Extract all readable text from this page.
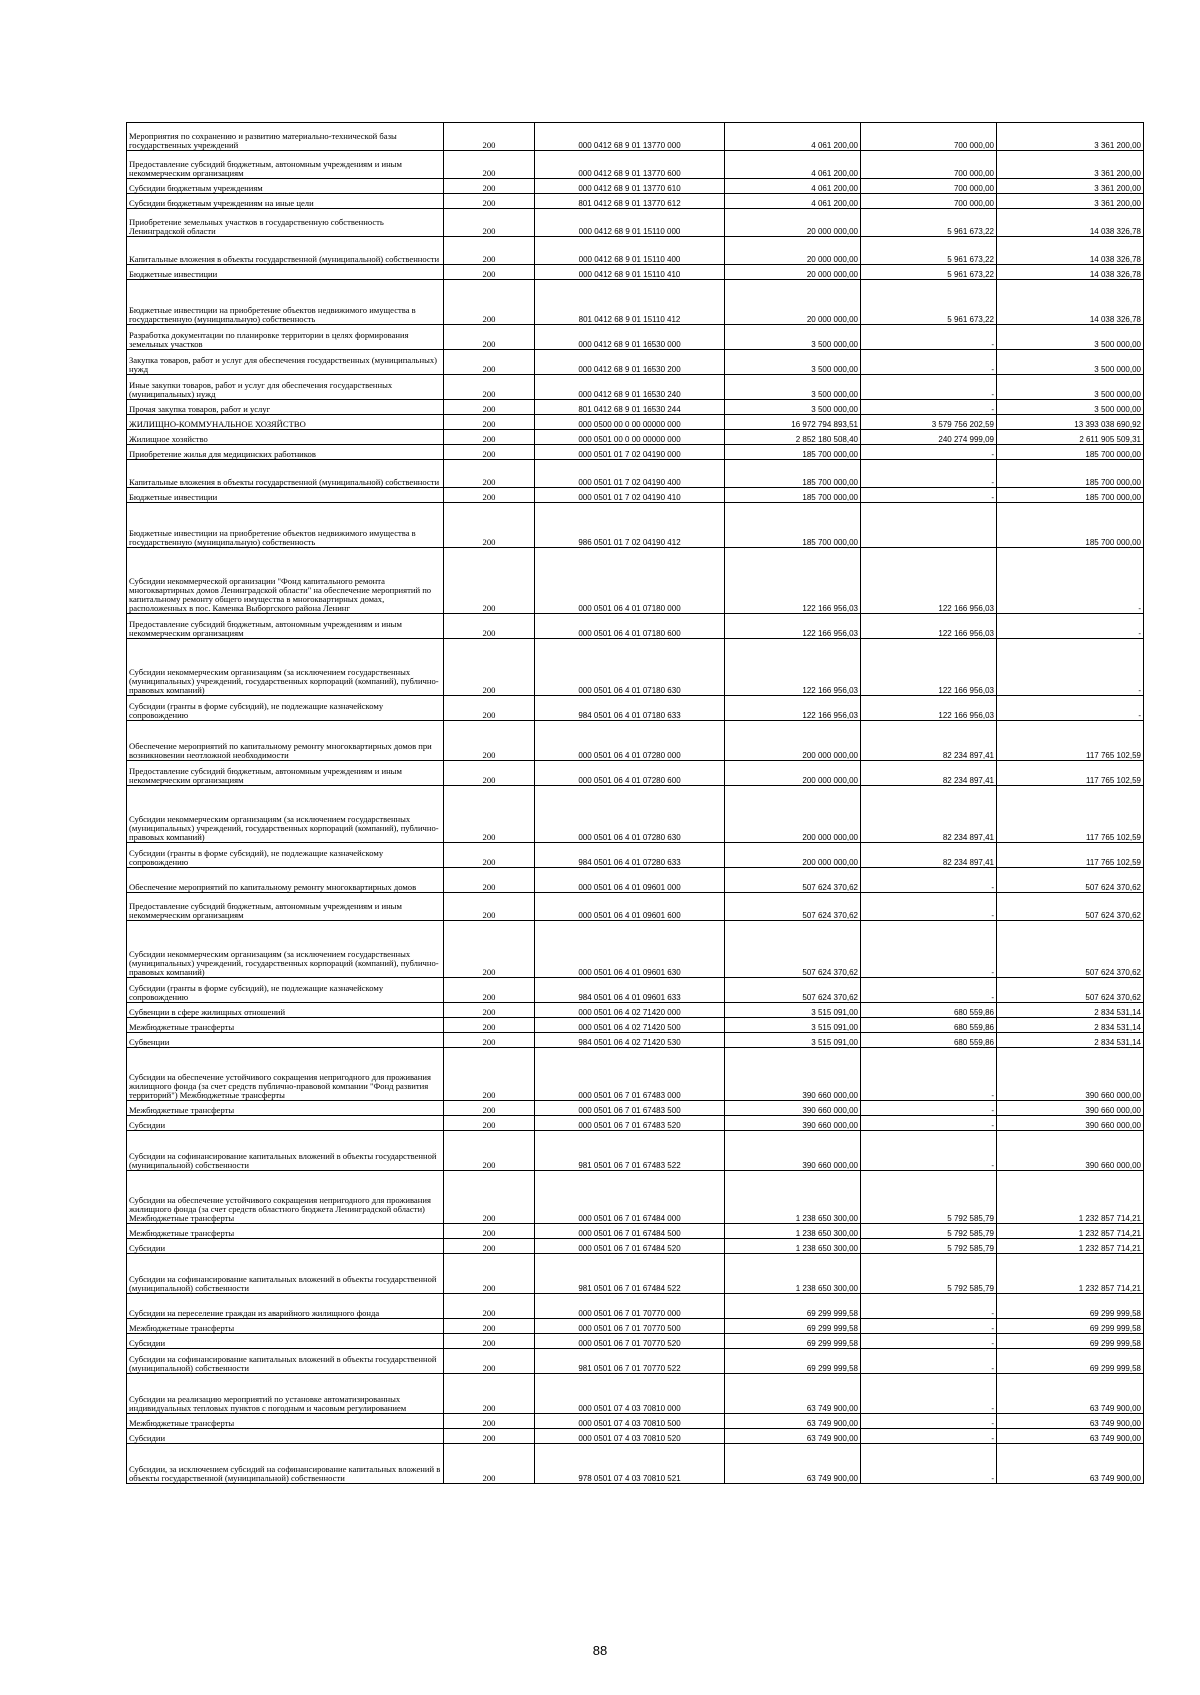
Мероприятия по сохранению и развитию материально-технической базы государственных учреждений	200	000 0412 68 9 01 13770 000	4 061 200,00	700 000,00	3 361 200,00
Предоставление субсидий бюджетным, автономным учреждениям и иным некоммерческим организациям	200	000 0412 68 9 01 13770 600	4 061 200,00	700 000,00	3 361 200,00
Субсидии бюджетным учреждениям	200	000 0412 68 9 01 13770 610	4 061 200,00	700 000,00	3 361 200,00
Субсидии бюджетным учреждениям на иные цели	200	801 0412 68 9 01 13770 612	4 061 200,00	700 000,00	3 361 200,00
Приобретение земельных участков в государственную собственность Ленинградской области	200	000 0412 68 9 01 15110 000	20 000 000,00	5 961 673,22	14 038 326,78
Капитальные вложения в объекты государственной (муниципальной) собственности	200	000 0412 68 9 01 15110 400	20 000 000,00	5 961 673,22	14 038 326,78
Бюджетные инвестиции	200	000 0412 68 9 01 15110 410	20 000 000,00	5 961 673,22	14 038 326,78
Бюджетные инвестиции на приобретение объектов недвижимого имущества в государственную (муниципальную) собственность	200	801 0412 68 9 01 15110 412	20 000 000,00	5 961 673,22	14 038 326,78
Разработка документации по планировке территории в целях формирования земельных участков	200	000 0412 68 9 01 16530 000	3 500 000,00	-	3 500 000,00
Закупка товаров, работ и услуг для обеспечения государственных (муниципальных) нужд	200	000 0412 68 9 01 16530 200	3 500 000,00	-	3 500 000,00
Иные закупки товаров, работ и услуг для обеспечения государственных (муниципальных) нужд	200	000 0412 68 9 01 16530 240	3 500 000,00	-	3 500 000,00
Прочая закупка товаров, работ и услуг	200	801 0412 68 9 01 16530 244	3 500 000,00	-	3 500 000,00
ЖИЛИЩНО-КОММУНАЛЬНОЕ ХОЗЯЙСТВО	200	000 0500 00 0 00 00000 000	16 972 794 893,51	3 579 756 202,59	13 393 038 690,92
Жилищное хозяйство	200	000 0501 00 0 00 00000 000	2 852 180 508,40	240 274 999,09	2 611 905 509,31
Приобретение жилья для медицинских работников	200	000 0501 01 7 02 04190 000	185 700 000,00	-	185 700 000,00
Капитальные вложения в объекты государственной (муниципальной) собственности	200	000 0501 01 7 02 04190 400	185 700 000,00	-	185 700 000,00
Бюджетные инвестиции	200	000 0501 01 7 02 04190 410	185 700 000,00	-	185 700 000,00
Бюджетные инвестиции на приобретение объектов недвижимого имущества в государственную (муниципальную) собственность	200	986 0501 01 7 02 04190 412	185 700 000,00		185 700 000,00
Субсидии некоммерческой организации "Фонд капитального ремонта многоквартирных домов Ленинградской области" на обеспечение мероприятий по капитальному ремонту общего имущества в многоквартирных домах, расположенных в пос. Каменка Выборгского района Ленинг	200	000 0501 06 4 01 07180 000	122 166 956,03	122 166 956,03	-
Предоставление субсидий бюджетным, автономным учреждениям и иным некоммерческим организациям	200	000 0501 06 4 01 07180 600	122 166 956,03	122 166 956,03	-
Субсидии некоммерческим организациям (за исключением государственных (муниципальных) учреждений, государственных корпораций (компаний), публично-правовых компаний)	200	000 0501 06 4 01 07180 630	122 166 956,03	122 166 956,03	-
Субсидии (гранты в форме субсидий), не подлежащие казначейскому сопровождению	200	984 0501 06 4 01 07180 633	122 166 956,03	122 166 956,03	-
Обеспечение мероприятий по капитальному ремонту многоквартирных домов при возникновении неотложной необходимости	200	000 0501 06 4 01 07280 000	200 000 000,00	82 234 897,41	117 765 102,59
Предоставление субсидий бюджетным, автономным учреждениям и иным некоммерческим организациям	200	000 0501 06 4 01 07280 600	200 000 000,00	82 234 897,41	117 765 102,59
Субсидии некоммерческим организациям (за исключением государственных (муниципальных) учреждений, государственных корпораций (компаний), публично-правовых компаний)	200	000 0501 06 4 01 07280 630	200 000 000,00	82 234 897,41	117 765 102,59
Субсидии (гранты в форме субсидий), не подлежащие казначейскому сопровождению	200	984 0501 06 4 01 07280 633	200 000 000,00	82 234 897,41	117 765 102,59
Обеспечение мероприятий по капитальному ремонту многоквартирных домов	200	000 0501 06 4 01 09601 000	507 624 370,62	-	507 624 370,62
Предоставление субсидий бюджетным, автономным учреждениям и иным некоммерческим организациям	200	000 0501 06 4 01 09601 600	507 624 370,62	-	507 624 370,62
Субсидии некоммерческим организациям (за исключением государственных (муниципальных) учреждений, государственных корпораций (компаний), публично-правовых компаний)	200	000 0501 06 4 01 09601 630	507 624 370,62	-	507 624 370,62
Субсидии (гранты в форме субсидий), не подлежащие казначейскому сопровождению	200	984 0501 06 4 01 09601 633	507 624 370,62	-	507 624 370,62
Субвенции в сфере жилищных отношений	200	000 0501 06 4 02 71420 000	3 515 091,00	680 559,86	2 834 531,14
Межбюджетные трансферты	200	000 0501 06 4 02 71420 500	3 515 091,00	680 559,86	2 834 531,14
Субвенции	200	984 0501 06 4 02 71420 530	3 515 091,00	680 559,86	2 834 531,14
Субсидии на обеспечение устойчивого сокращения непригодного для проживания жилищного фонда (за счет средств публично-правовой компании "Фонд развития территорий") Межбюджетные трансферты	200	000 0501 06 7 01 67483 000	390 660 000,00	-	390 660 000,00
Межбюджетные трансферты	200	000 0501 06 7 01 67483 500	390 660 000,00	-	390 660 000,00
Субсидии	200	000 0501 06 7 01 67483 520	390 660 000,00	-	390 660 000,00
Субсидии на софинансирование капитальных вложений в объекты государственной (муниципальной) собственности	200	981 0501 06 7 01 67483 522	390 660 000,00	-	390 660 000,00
Субсидии на обеспечение устойчивого сокращения непригодного для проживания жилищного фонда (за счет средств областного бюджета Ленинградской области) Межбюджетные трансферты	200	000 0501 06 7 01 67484 000	1 238 650 300,00	5 792 585,79	1 232 857 714,21
Межбюджетные трансферты	200	000 0501 06 7 01 67484 500	1 238 650 300,00	5 792 585,79	1 232 857 714,21
Субсидии	200	000 0501 06 7 01 67484 520	1 238 650 300,00	5 792 585,79	1 232 857 714,21
Субсидии на софинансирование капитальных вложений в объекты государственной (муниципальной) собственности	200	981 0501 06 7 01 67484 522	1 238 650 300,00	5 792 585,79	1 232 857 714,21
Субсидии на переселение граждан из аварийного жилищного фонда	200	000 0501 06 7 01 70770 000	69 299 999,58	-	69 299 999,58
Межбюджетные трансферты	200	000 0501 06 7 01 70770 500	69 299 999,58	-	69 299 999,58
Субсидии	200	000 0501 06 7 01 70770 520	69 299 999,58	-	69 299 999,58
Субсидии на софинансирование капитальных вложений в объекты государственной (муниципальной) собственности	200	981 0501 06 7 01 70770 522	69 299 999,58	-	69 299 999,58
Субсидии на реализацию мероприятий по установке автоматизированных индивидуальных тепловых пунктов с погодным и часовым регулированием	200	000 0501 07 4 03 70810 000	63 749 900,00	-	63 749 900,00
Межбюджетные трансферты	200	000 0501 07 4 03 70810 500	63 749 900,00	-	63 749 900,00
Субсидии	200	000 0501 07 4 03 70810 520	63 749 900,00	-	63 749 900,00
Субсидии, за исключением субсидий на софинансирование капитальных вложений в объекты государственной (муниципальной) собственности	200	978 0501 07 4 03 70810 521	63 749 900,00	-	63 749 900,00
88
